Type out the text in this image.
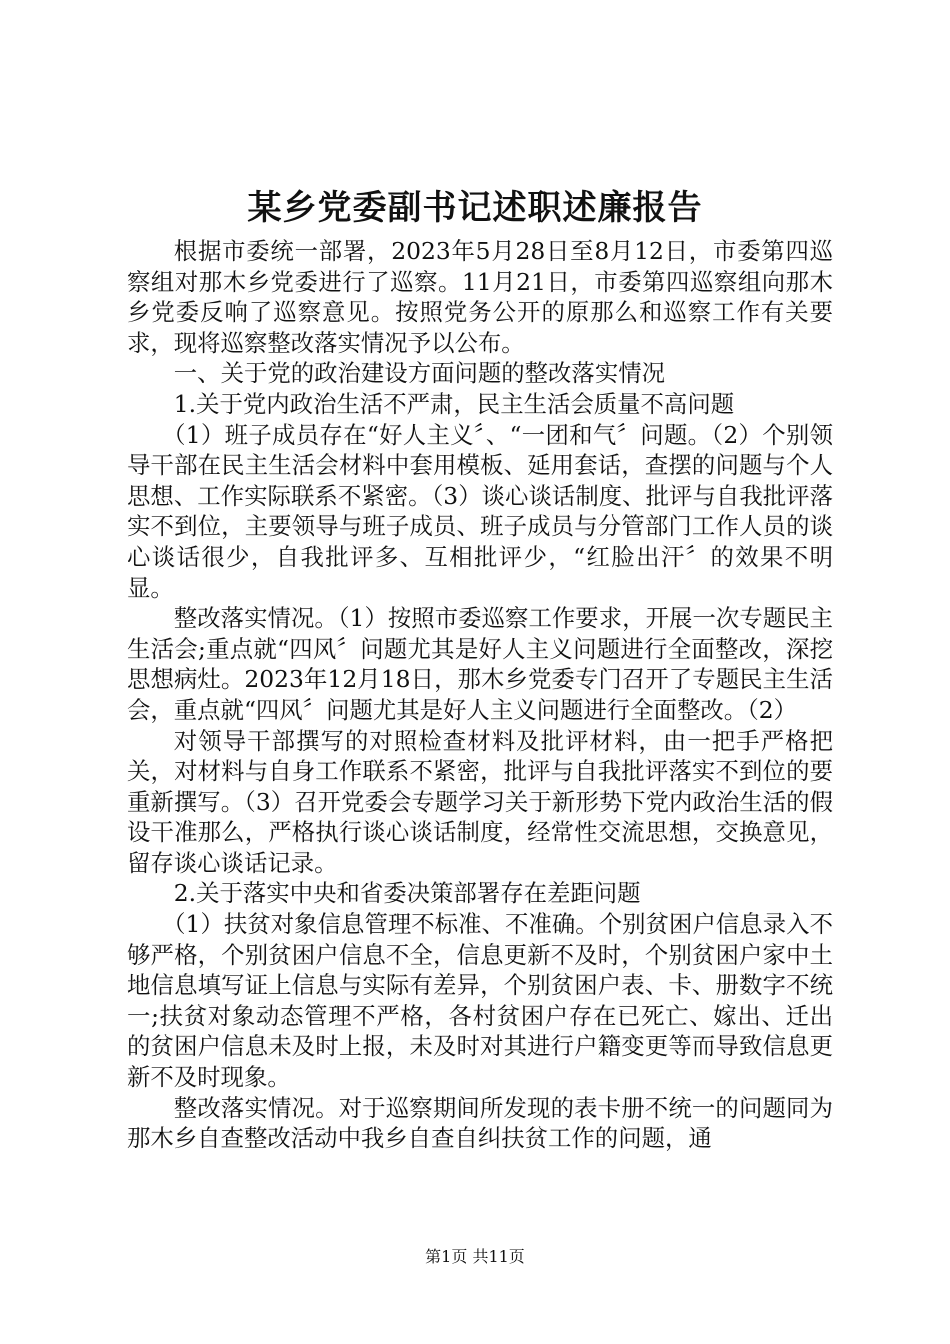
某乡党委副书记述职述廉报告

根据市委统一部署，2023年5月28日至8月12日，市委第四巡察组对那木乡党委进行了巡察。11月21日，市委第四巡察组向那木乡党委反响了巡察意见。按照党务公开的原那么和巡察工作有关要求，现将巡察整改落实情况予以公布。

一、关于党的政治建设方面问题的整改落实情况

1.关于党内政治生活不严肃，民主生活会质量不高问题

（1）班子成员存在“好人主义〞、“一团和气〞问题。（2）个别领导干部在民主生活会材料中套用模板、延用套话，查摆的问题与个人思想、工作实际联系不紧密。（3）谈心谈话制度、批评与自我批评落实不到位，主要领导与班子成员、班子成员与分管部门工作人员的谈心谈话很少，自我批评多、互相批评少，“红脸出汗〞的效果不明显。

整改落实情况。（1）按照市委巡察工作要求，开展一次专题民主生活会;重点就“四风〞问题尤其是好人主义问题进行全面整改，深挖思想病灶。2023年12月18日，那木乡党委专门召开了专题民主生活会，重点就“四风〞问题尤其是好人主义问题进行全面整改。（2）

对领导干部撰写的对照检查材料及批评材料，由一把手严格把关，对材料与自身工作联系不紧密，批评与自我批评落实不到位的要重新撰写。（3）召开党委会专题学习关于新形势下党内政治生活的假设干准那么，严格执行谈心谈话制度，经常性交流思想，交换意见，留存谈心谈话记录。

2.关于落实中央和省委决策部署存在差距问题

（1）扶贫对象信息管理不标准、不准确。个别贫困户信息录入不够严格，个别贫困户信息不全，信息更新不及时，个别贫困户家中土地信息填写证上信息与实际有差异，个别贫困户表、卡、册数字不统一;扶贫对象动态管理不严格，各村贫困户存在已死亡、嫁出、迁出的贫困户信息未及时上报，未及时对其进行户籍变更等而导致信息更新不及时现象。

整改落实情况。对于巡察期间所发现的表卡册不统一的问题同为那木乡自查整改活动中我乡自查自纠扶贫工作的问题，通

第1页 共11页
